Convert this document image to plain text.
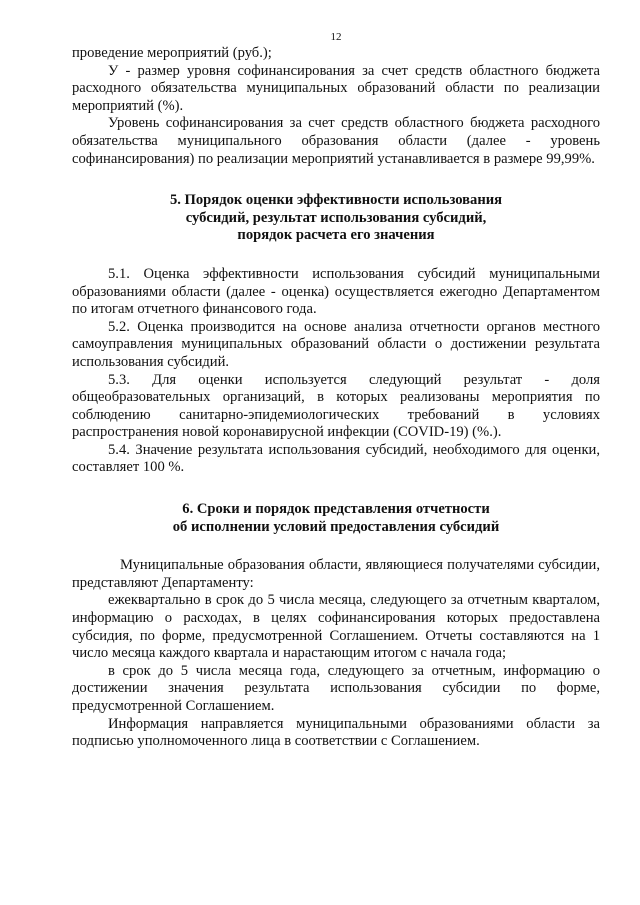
12

проведение мероприятий (руб.);

У - размер уровня софинансирования за счет средств областного бюджета расходного обязательства муниципальных образований области по реализации мероприятий (%).

Уровень софинансирования за счет средств областного бюджета расходного обязательства муниципального образования области (далее - уровень софинансирования) по реализации мероприятий устанавливается в размере 99,99%.

5. Порядок оценки эффективности использования
субсидий, результат использования субсидий,
порядок расчета его значения

5.1. Оценка эффективности использования субсидий муниципальными образованиями области (далее - оценка) осуществляется ежегодно Департаментом по итогам отчетного финансового года.

5.2. Оценка производится на основе анализа отчетности органов местного самоуправления муниципальных образований области о достижении результата использования субсидий.

5.3. Для оценки используется следующий результат - доля общеобразовательных организаций, в которых реализованы мероприятия по соблюдению санитарно-эпидемиологических требований в условиях распространения новой коронавирусной инфекции (COVID-19) (%.).

5.4. Значение результата использования субсидий, необходимого для оценки, составляет 100 %.

6. Сроки и порядок представления отчетности
об исполнении условий предоставления субсидий

Муниципальные образования области, являющиеся получателями субсидии, представляют Департаменту:

ежеквартально в срок до 5 числа месяца, следующего за отчетным кварталом, информацию о расходах, в целях софинансирования которых предоставлена субсидия, по форме, предусмотренной Соглашением. Отчеты составляются на 1 число месяца каждого квартала и нарастающим итогом с начала года;

в срок до 5 числа месяца года, следующего за отчетным, информацию о достижении значения результата использования субсидии по форме, предусмотренной Соглашением.

Информация направляется муниципальными образованиями области за подписью уполномоченного лица в соответствии с Соглашением.
